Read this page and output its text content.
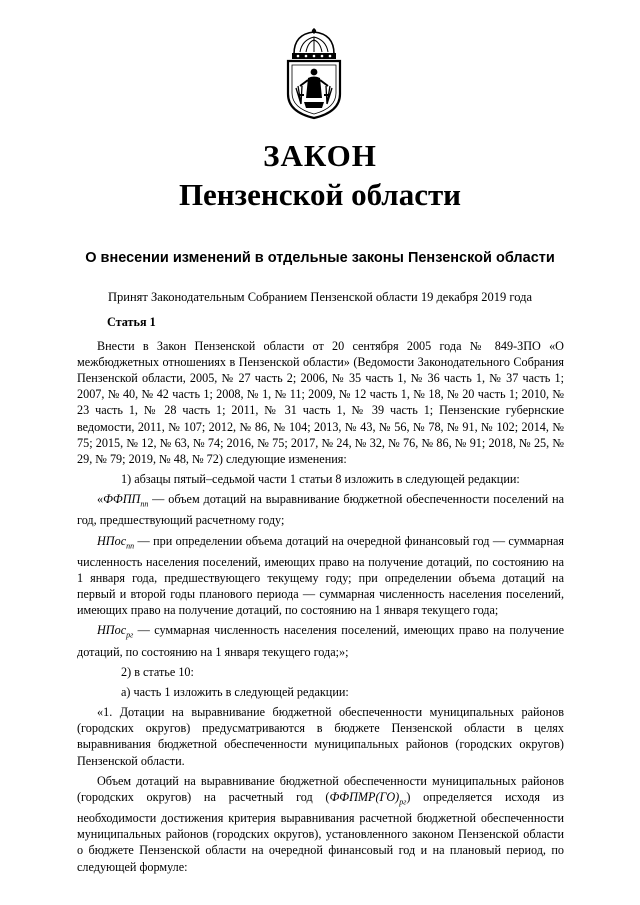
ЗАКОН
Пензенской области
О внесении изменений в отдельные законы Пензенской области
Принят Законодательным Собранием Пензенской области 19 декабря 2019 года

Статья 1

Внести в Закон Пензенской области от 20 сентября 2005 года № 849-ЗПО «О межбюджетных отношениях в Пензенской области» (Ведомости Законодательного Собрания Пензенской области, 2005, № 27 часть 2; 2006, № 35 часть 1, № 36 часть 1, № 37 часть 1; 2007, № 40, № 42 часть 1; 2008, № 1, № 11; 2009, № 12 часть 1, № 18, № 20 часть 1; 2010, № 23 часть 1, № 28 часть 1; 2011, № 31 часть 1, № 39 часть 1; Пензенские губернские ведомости, 2011, № 107; 2012, № 86, № 104; 2013, № 43, № 56, № 78, № 91, № 102; 2014, № 75; 2015, № 12, № 63, № 74; 2016, № 75; 2017, № 24, № 32, № 76, № 86, № 91; 2018, № 25, № 29, № 79; 2019, № 48, № 72) следующие изменения:

1) абзацы пятый–седьмой части 1 статьи 8 изложить в следующей редакции:

«$ФФПП_{пп}$ — объем дотаций на выравнивание бюджетной обеспеченности поселений на год, предшествующий расчетному году;

НПос$_{пп}$ — при определении объема дотаций на очередной финансовый год — суммарная численность населения поселений, имеющих право на получение дотаций, по состоянию на 1 января года, предшествующего текущему году; при определении объема дотаций на первый и второй годы планового периода — суммарная численность населения поселений, имеющих право на получение дотаций, по состоянию на 1 января текущего года;

НПос$_{рг}$ — суммарная численность населения поселений, имеющих право на получение дотаций, по состоянию на 1 января текущего года;»;

2) в статье 10:

а) часть 1 изложить в следующей редакции:

«1. Дотации на выравнивание бюджетной обеспеченности муниципальных районов (городских округов) предусматриваются в бюджете Пензенской области в целях выравнивания бюджетной обеспеченности муниципальных районов (городских округов) Пензенской области.

Объем дотаций на выравнивание бюджетной обеспеченности муниципальных районов (городских округов) на расчетный год $(ФФПМР(ГО)_{рг})$ определяется исходя из необходимости достижения критерия выравнивания расчетной бюджетной обеспеченности муниципальных районов (городских округов), установленного законом Пензенской области о бюджете Пензенской области на очередной финансовый год и на плановый период, по следующей формуле:
